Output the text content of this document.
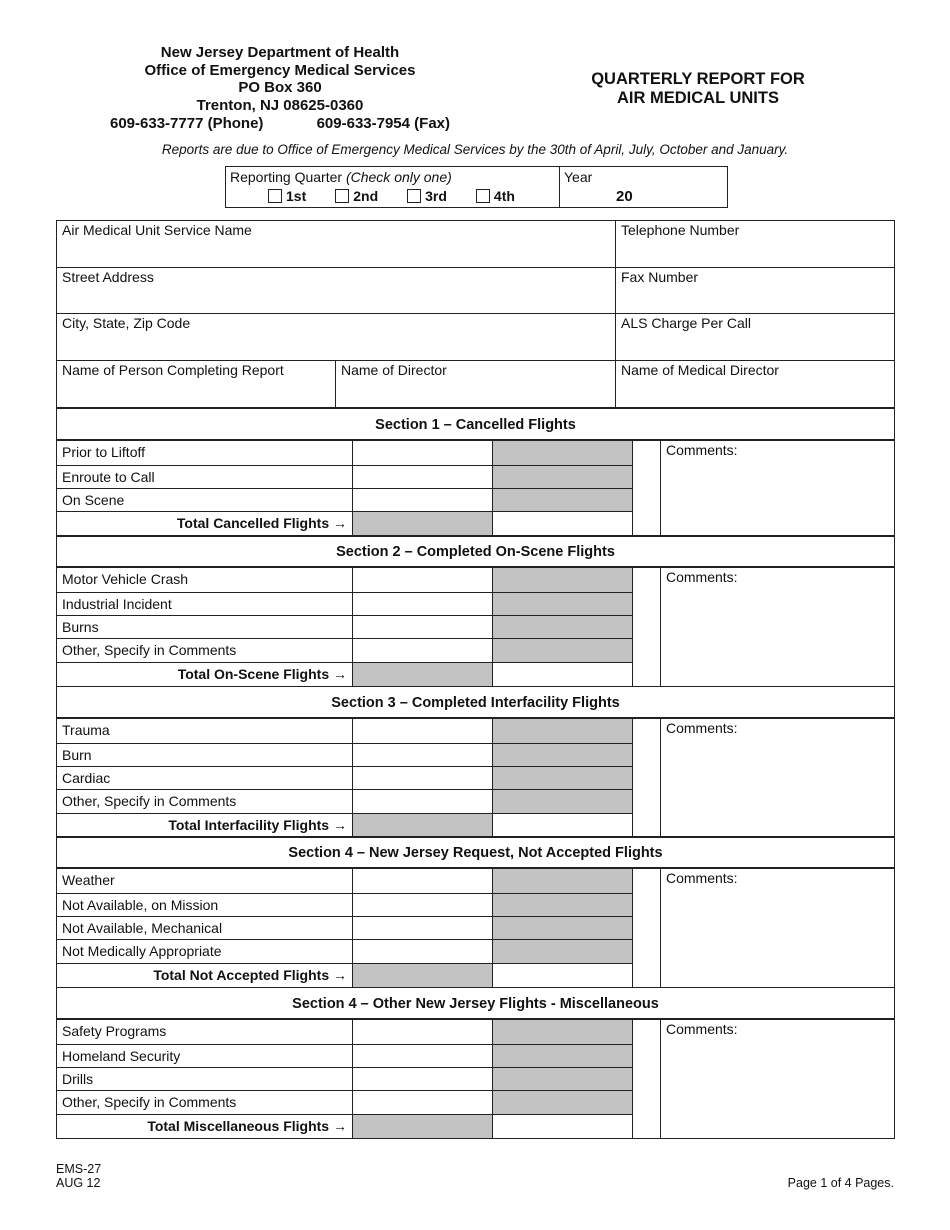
New Jersey Department of Health
Office of Emergency Medical Services
PO Box 360
Trenton, NJ 08625-0360
609-633-7777 (Phone)	609-633-7954 (Fax)
QUARTERLY REPORT FOR
AIR MEDICAL UNITS
Reports are due to Office of Emergency Medical Services by the 30th of April, July, October and January.
Reporting Quarter (Check only one)
1st	2nd	3rd	4th
Year
20
Air Medical Unit Service Name	Telephone Number
Street Address	Fax Number
City, State, Zip Code	ALS Charge Per Call
Name of Person Completing Report	Name of Director	Name of Medical Director
Section 1 – Cancelled Flights
Prior to Liftoff
Enroute to Call
On Scene
Total Cancelled Flights →
Comments:
Section 2 – Completed On-Scene Flights
Motor Vehicle Crash
Industrial Incident
Burns
Other, Specify in Comments
Total On-Scene Flights →
Comments:
Section 3 – Completed Interfacility Flights
Trauma
Burn
Cardiac
Other, Specify in Comments
Total Interfacility Flights →
Comments:
Section 4 – New Jersey Request, Not Accepted Flights
Weather
Not Available, on Mission
Not Available, Mechanical
Not Medically Appropriate
Total Not Accepted Flights →
Comments:
Section 4 – Other New Jersey Flights - Miscellaneous
Safety Programs
Homeland Security
Drills
Other, Specify in Comments
Total Miscellaneous Flights →
Comments:
EMS-27
AUG 12	Page 1 of 4 Pages.
